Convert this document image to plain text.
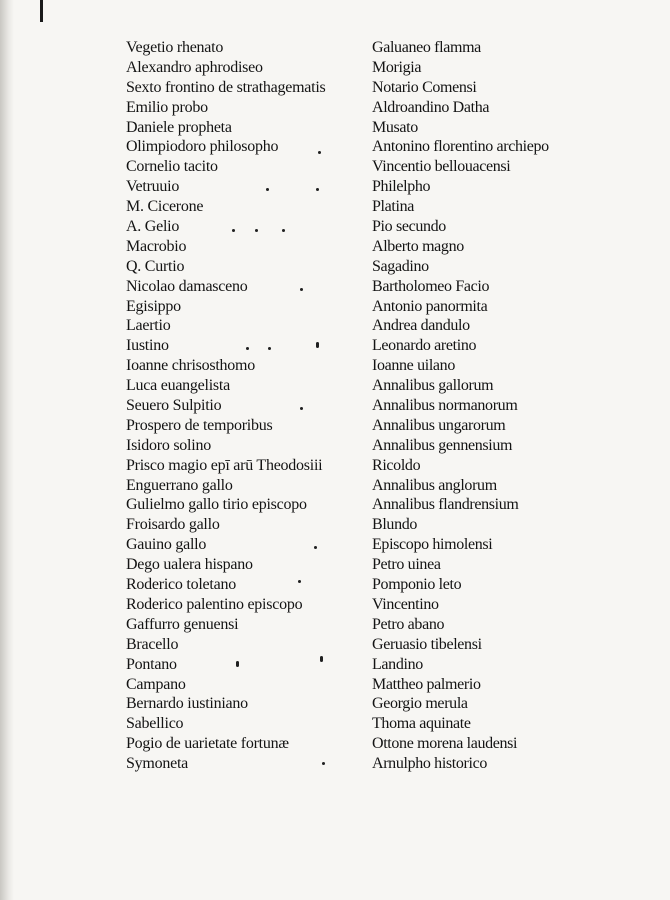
Vegetio rhenato
Alexandro aphrodiseo
Sexto frontino de strathagematis
Emilio probo
Daniele propheta
Olimpiodoro philosopho
Cornelio tacito
Vetruuio
M. Cicerone
A. Gelio
Macrobio
Q. Curtio
Nicolao damasceno
Egisippo
Laertio
Iustino
Ioanne chrisosthomo
Luca euangelista
Seuero Sulpitio
Prospero de temporibus
Isidoro solino
Prisco magio epī arū Theodosiii
Enguerrano gallo
Gulielmo gallo tirio episcopo
Froisardo gallo
Gauino gallo
Dego ualera hispano
Roderico toletano
Roderico palentino episcopo
Gaffurro genuensi
Bracello
Pontano
Campano
Bernardo iustiniano
Sabellico
Pogio de uarietate fortunæ
Symoneta
Galuaneo flamma
Morigia
Notario Comensi
Aldroandino Datha
Musato
Antonino florentino archiepo
Vincentio bellouacensi
Philelpho
Platina
Pio secundo
Alberto magno
Sagadino
Bartholomeo Facio
Antonio panormita
Andrea dandulo
Leonardo aretino
Ioanne uilano
Annalibus gallorum
Annalibus normanorum
Annalibus ungarorum
Annalibus gennensium
Ricoldo
Annalibus anglorum
Annalibus flandrensium
Blundo
Episcopo himolensi
Petro uinea
Pomponio leto
Vincentino
Petro abano
Geruasio tibelensi
Landino
Mattheo palmerio
Georgio merula
Thoma aquinate
Ottone morena laudensi
Arnulpho historico
